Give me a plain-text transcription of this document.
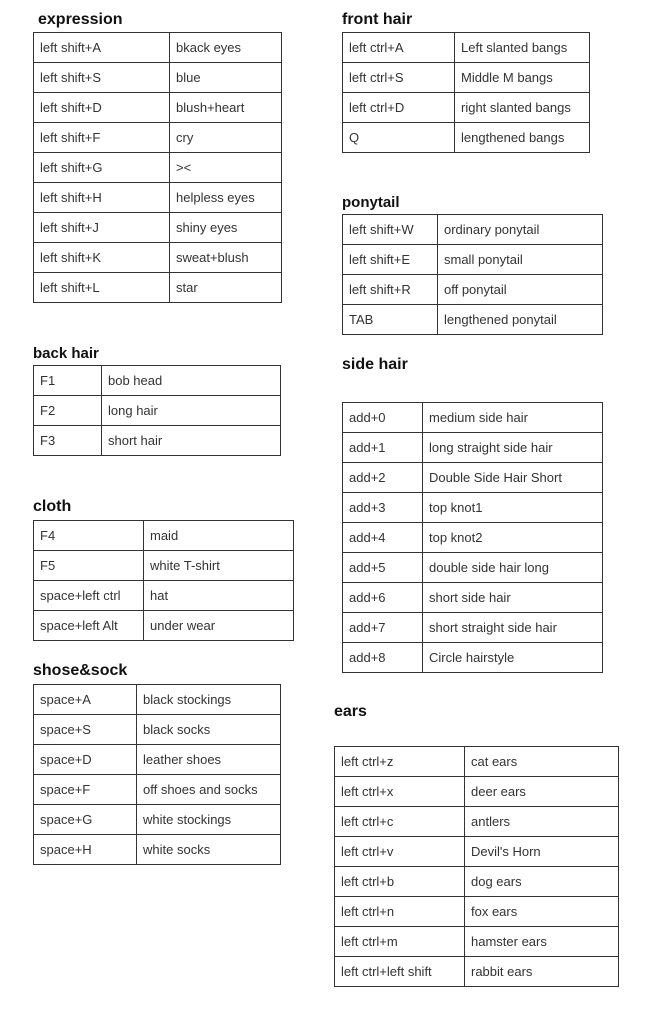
expression
left shift+A	bkack eyes
left shift+S	blue
left shift+D	blush+heart
left shift+F	cry
left shift+G	><
left shift+H	helpless eyes
left shift+J	shiny eyes
left shift+K	sweat+blush
left shift+L	star
front hair
left ctrl+A	Left slanted bangs
left ctrl+S	Middle M bangs
left ctrl+D	right slanted bangs
Q	lengthened bangs
back hair
F1	bob head
F2	long hair
F3	short hair
ponytail
left shift+W	ordinary ponytail
left shift+E	small ponytail
left shift+R	off ponytail
TAB	lengthened ponytail
side hair
add+0	medium side hair
add+1	long straight side hair
add+2	Double Side Hair Short
add+3	top knot1
add+4	top knot2
add+5	double side hair long
add+6	short side hair
add+7	short straight side hair
add+8	Circle hairstyle
cloth
F4	maid
F5	white T-shirt
space+left ctrl	hat
space+left Alt	under wear
shose&sock
space+A	black stockings
space+S	black socks
space+D	leather shoes
space+F	off shoes and socks
space+G	white stockings
space+H	white socks
ears
left ctrl+z	cat ears
left ctrl+x	deer ears
left ctrl+c	antlers
left ctrl+v	Devil's Horn
left ctrl+b	dog ears
left ctrl+n	fox ears
left ctrl+m	hamster ears
left ctrl+left shift	rabbit ears
